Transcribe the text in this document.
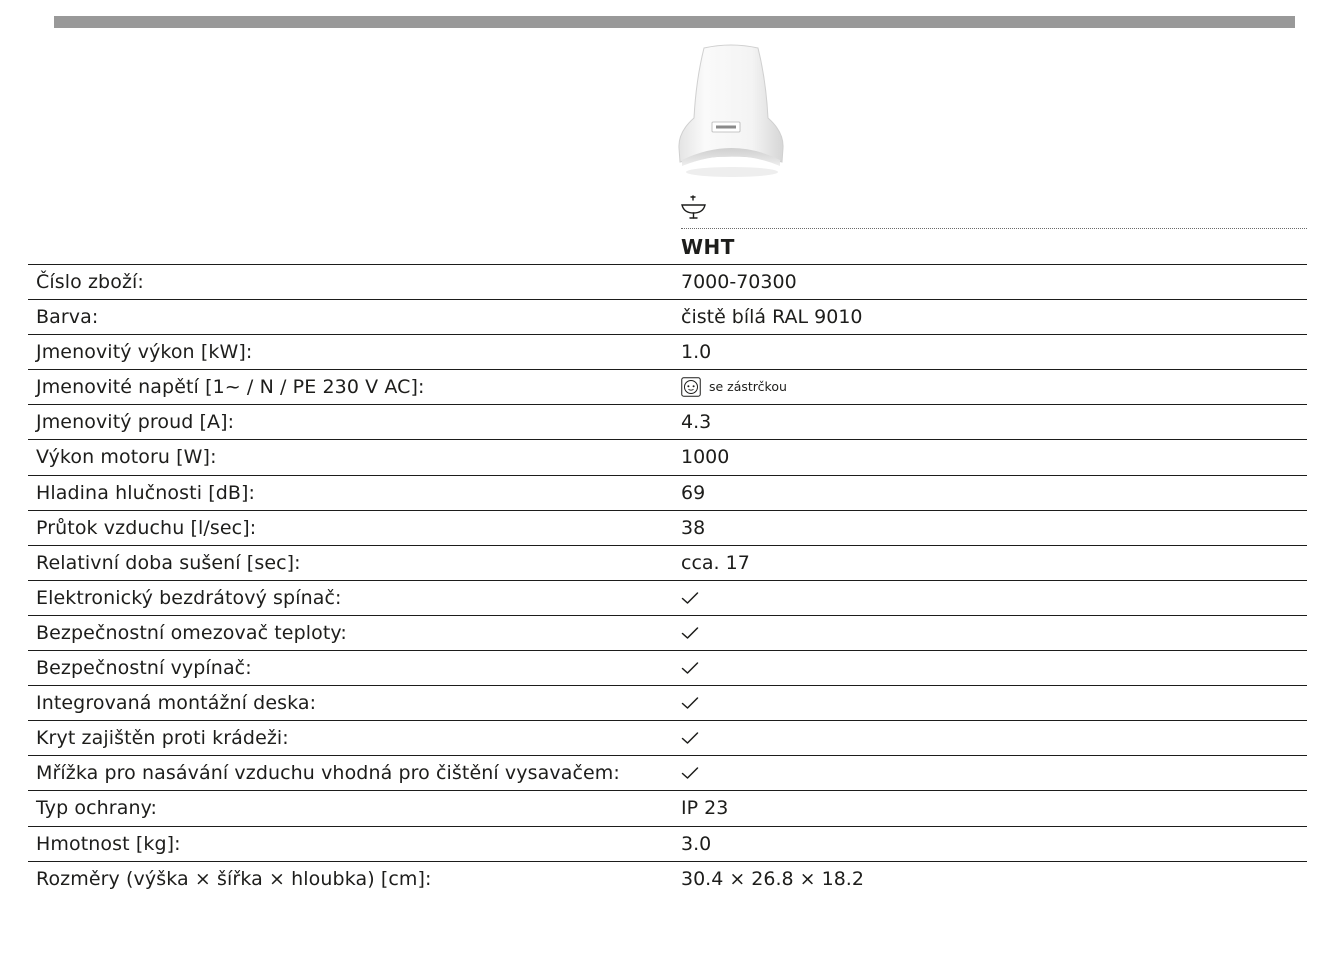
WHT
Číslo zboží:	7000-70300
Barva:	čistě bílá RAL 9010
Jmenovitý výkon [kW]:	1.0
Jmenovité napětí [1~ / N / PE 230 V AC]:	se zástrčkou
Jmenovitý proud [A]:	4.3
Výkon motoru [W]:	1000
Hladina hlučnosti [dB]:	69
Průtok vzduchu [l/sec]:	38
Relativní doba sušení [sec]:	cca. 17
Elektronický bezdrátový spínač:
Bezpečnostní omezovač teploty:
Bezpečnostní vypínač:
Integrovaná montážní deska:
Kryt zajištěn proti krádeži:
Mřížka pro nasávání vzduchu vhodná pro čištění vysavačem:
Typ ochrany:	IP 23
Hmotnost [kg]:	3.0
Rozměry (výška × šířka × hloubka) [cm]:	30.4 × 26.8 × 18.2
